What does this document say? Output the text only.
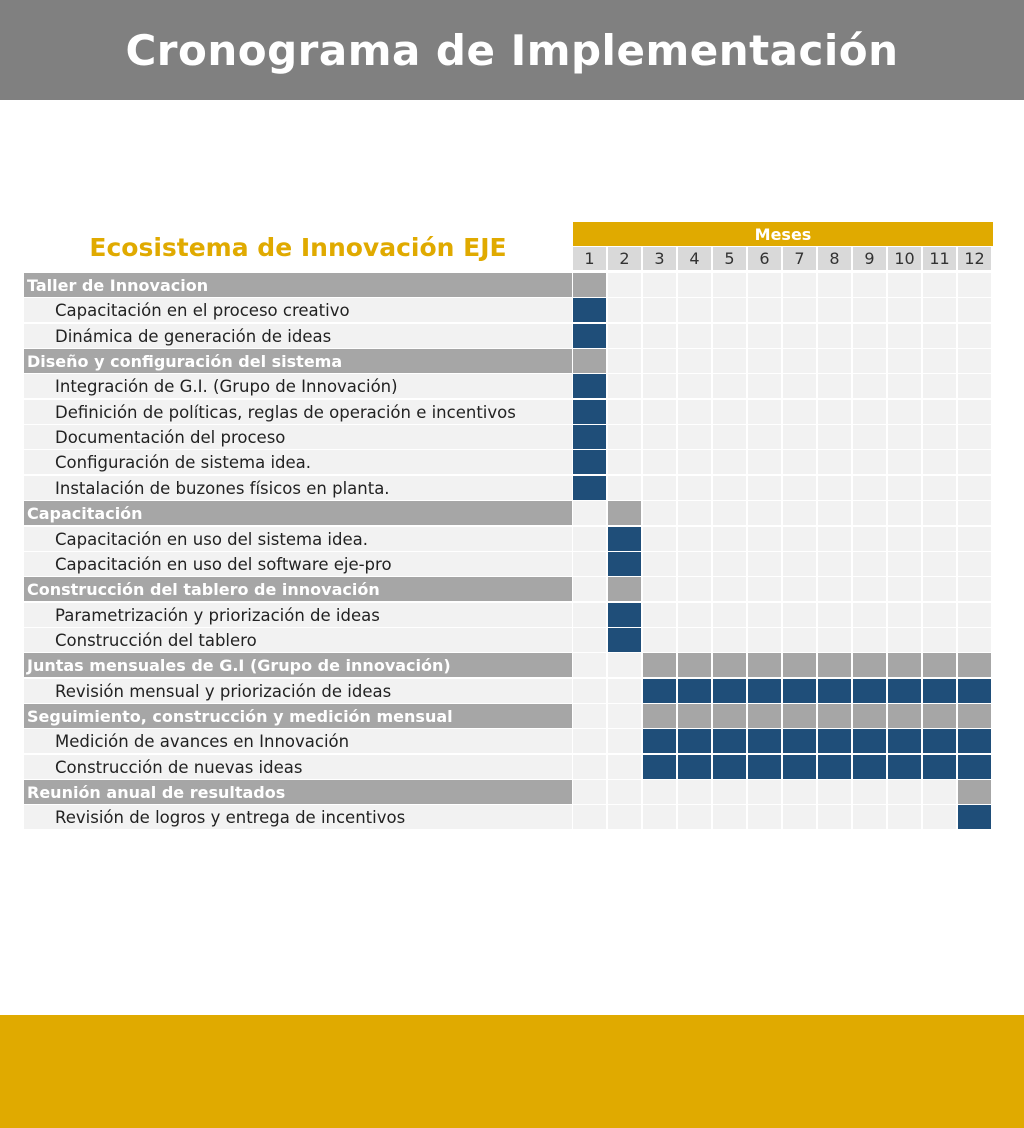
Cronograma de Implementación
Ecosistema de Innovación EJE	Meses
1	2	3	4	5	6	7	8	9	10 11 12
Taller de Innovacion
Capacitación en el proceso creativo
Dinámica de generación de ideas
Diseño y configuración del sistema
Integración de G.I. (Grupo de Innovación)
Definición de políticas, reglas de operación e incentivos
Documentación del proceso
Configuración de sistema idea.
Instalación de buzones físicos en planta.
Capacitación
Capacitación en uso del sistema idea.
Capacitación en uso del software eje-pro
Construcción del tablero de innovación
Parametrización y priorización de ideas
Construcción del tablero
Juntas mensuales de G.I (Grupo de innovación)
Revisión mensual y priorización de ideas
Seguimiento, construcción y medición mensual
Medición de avances en Innovación
Construcción de nuevas ideas
Reunión anual de resultados
Revisión de logros y entrega de incentivos
